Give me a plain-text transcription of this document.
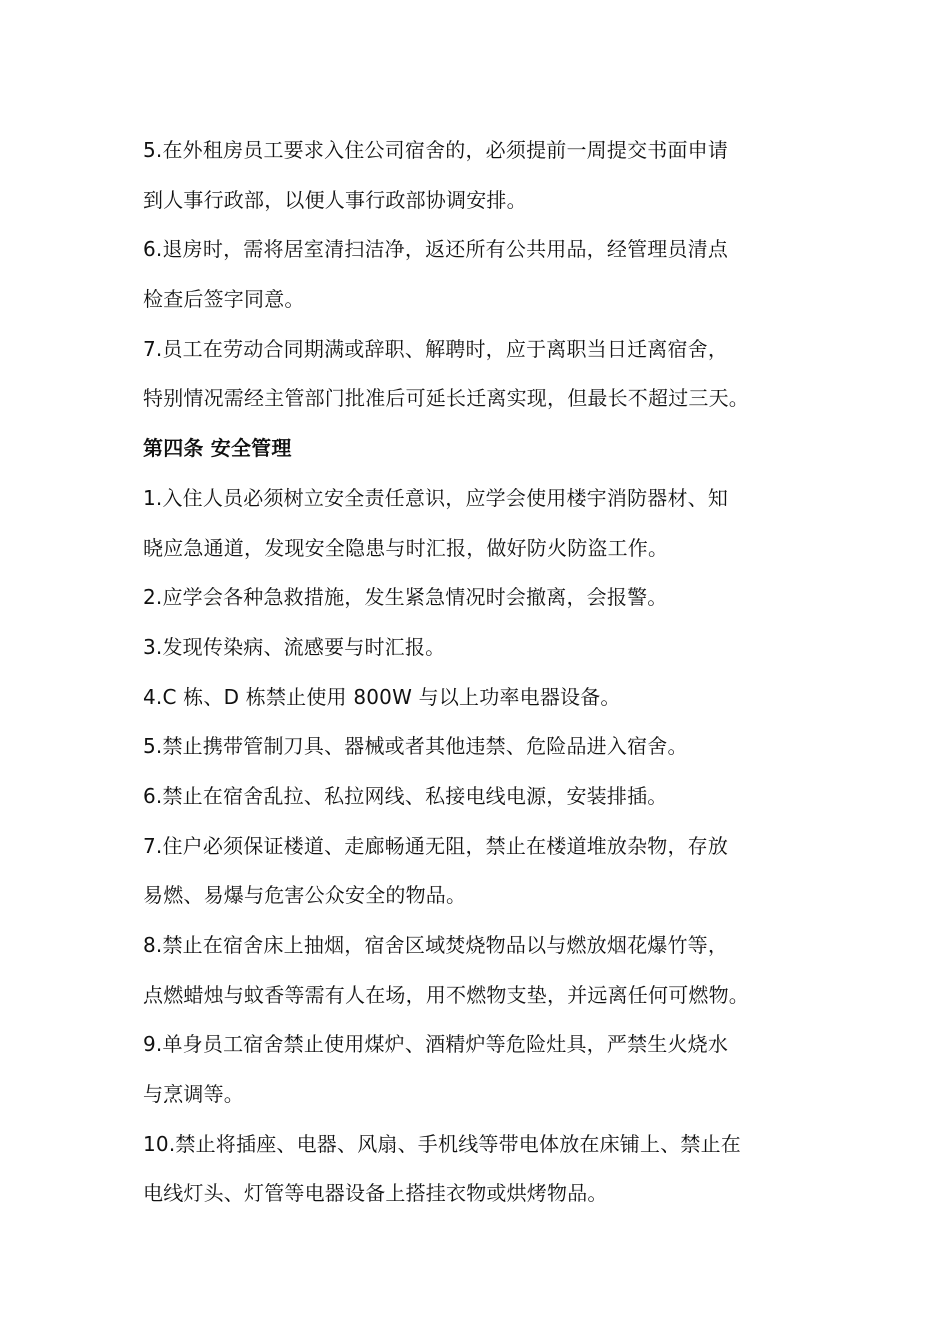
5.在外租房员工要求入住公司宿舍的，必须提前一周提交书面申请
到人事行政部，以便人事行政部协调安排。
6.退房时，需将居室清扫洁净，返还所有公共用品，经管理员清点
检查后签字同意。
7.员工在劳动合同期满或辞职、解聘时，应于离职当日迁离宿舍，
特别情况需经主管部门批准后可延长迁离实现，但最长不超过三天。
第四条 安全管理
1.入住人员必须树立安全责任意识，应学会使用楼宇消防器材、知
晓应急通道，发现安全隐患与时汇报，做好防火防盗工作。
2.应学会各种急救措施，发生紧急情况时会撤离，会报警。
3.发现传染病、流感要与时汇报。
4.C 栋、D 栋禁止使用 800W 与以上功率电器设备。
5.禁止携带管制刀具、器械或者其他违禁、危险品进入宿舍。
6.禁止在宿舍乱拉、私拉网线、私接电线电源，安装排插。
7.住户必须保证楼道、走廊畅通无阻，禁止在楼道堆放杂物，存放
易燃、易爆与危害公众安全的物品。
8.禁止在宿舍床上抽烟，宿舍区域焚烧物品以与燃放烟花爆竹等，
点燃蜡烛与蚊香等需有人在场，用不燃物支垫，并远离任何可燃物。
9.单身员工宿舍禁止使用煤炉、酒精炉等危险灶具，严禁生火烧水
与烹调等。
10.禁止将插座、电器、风扇、手机线等带电体放在床铺上、禁止在
电线灯头、灯管等电器设备上搭挂衣物或烘烤物品。
